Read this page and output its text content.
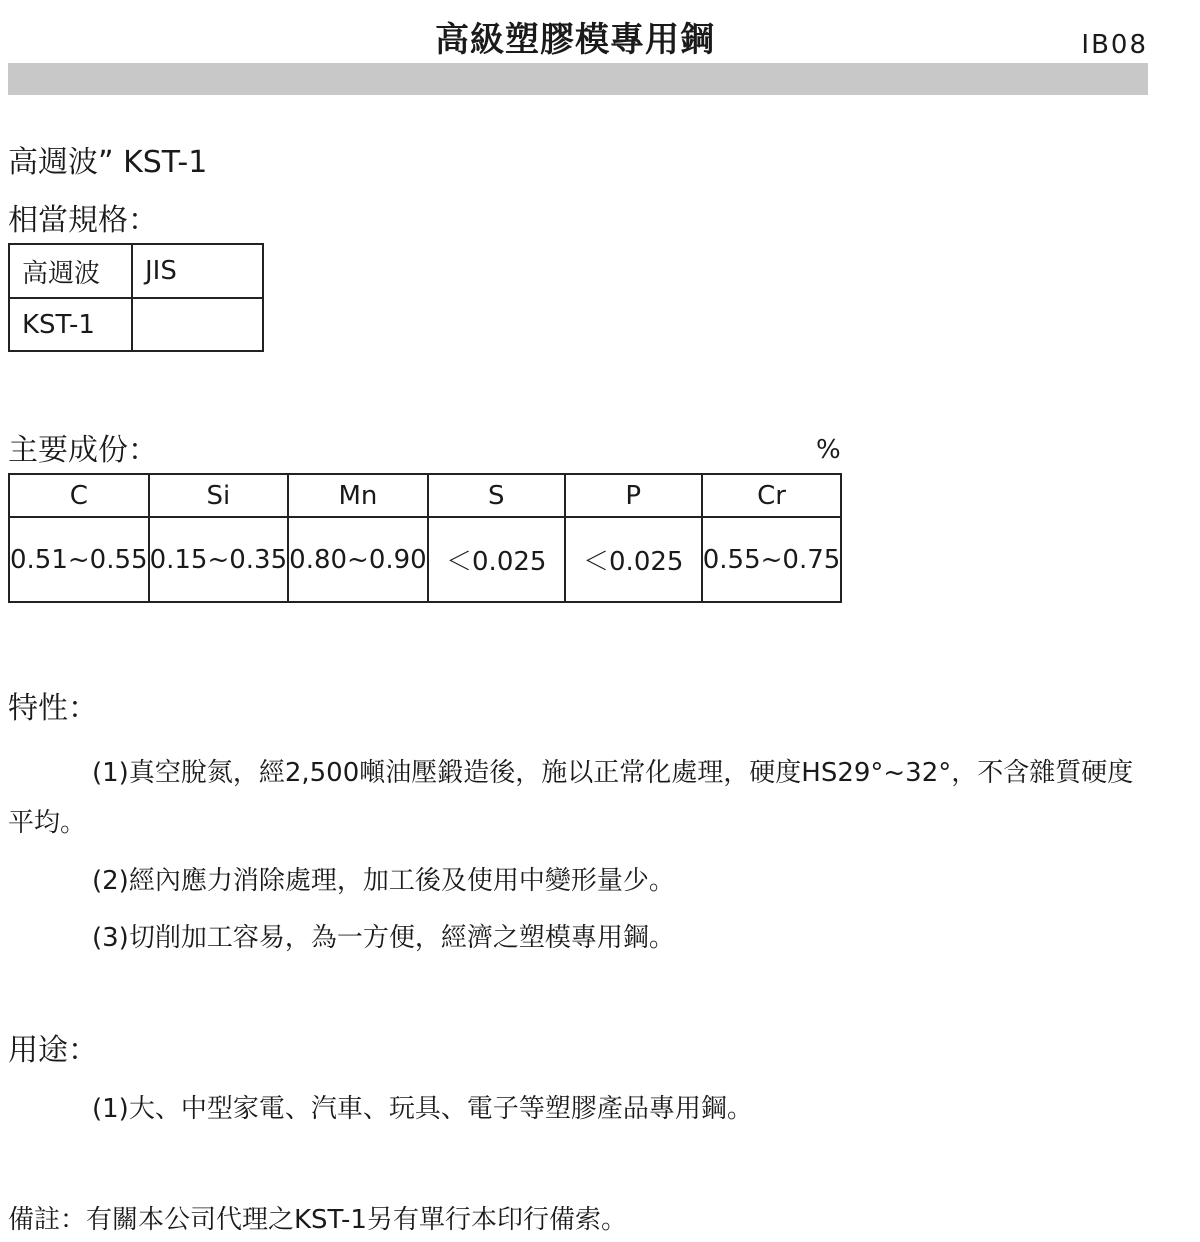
高級塑膠模專用鋼	IB08
高週波” KST-1
相當規格：
高週波	JIS
KST-1	
主要成份：	%
C	Si	Mn	S	P	Cr
0.51~0.55	0.15~0.35	0.80~0.90	＜0.025	＜0.025	0.55~0.75
特性：
(1)真空脫氮，經2,500噸油壓鍛造後，施以正常化處理，硬度HS29°~32°，不含雜質硬度平均。
(2)經內應力消除處理，加工後及使用中變形量少。
(3)切削加工容易，為一方便，經濟之塑模專用鋼。
用途：
(1)大、中型家電、汽車、玩具、電子等塑膠產品專用鋼。
備註：有關本公司代理之KST-1另有單行本印行備索。
